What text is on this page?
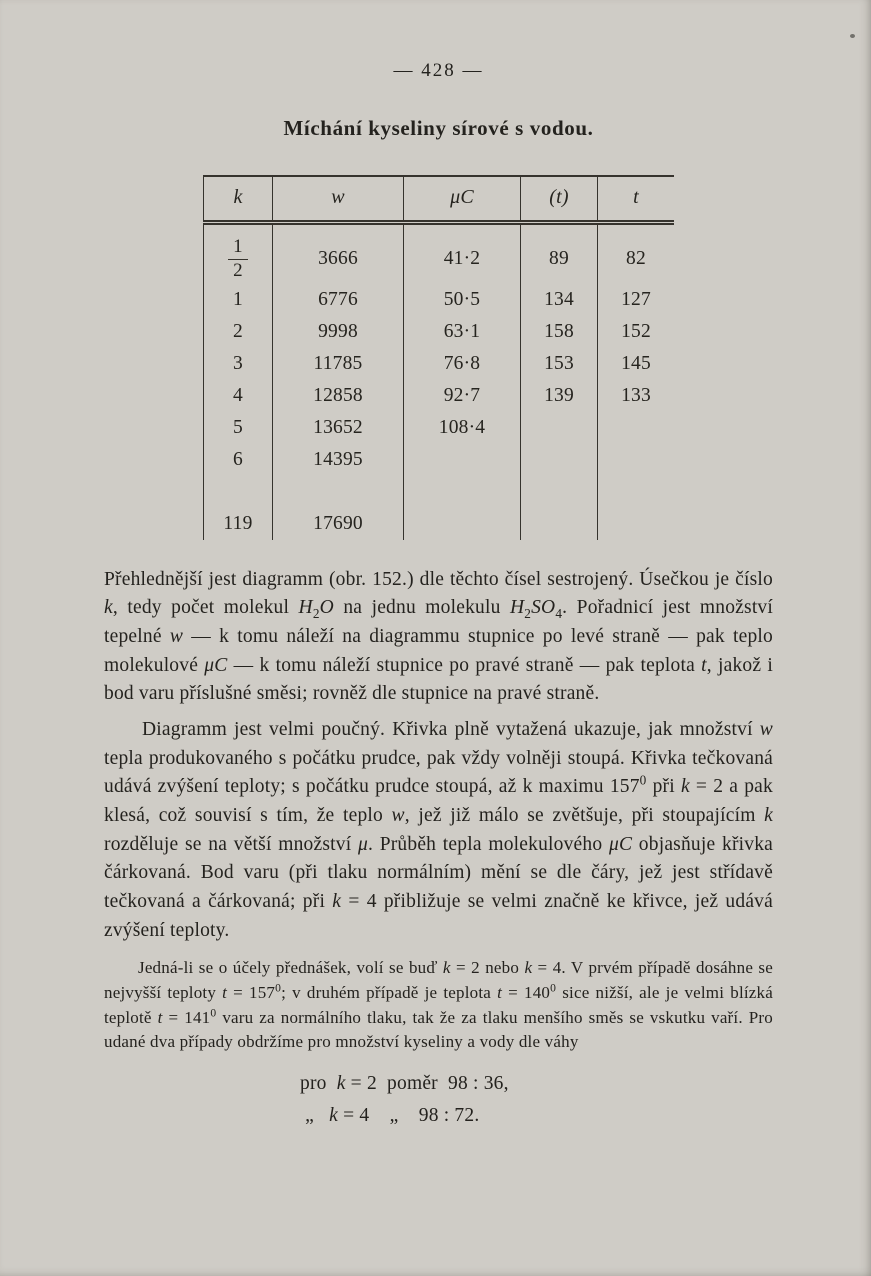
— 428 —
Míchání kyseliny sírové s vodou.
k	w	μC	(t)	t

$\frac{1}{2}$	3666	41·2	89	82
1	6776	50·5	134	127
2	9998	63·1	158	152
3	11785	76·8	153	145
4	12858	92·7	139	133
5	13652	108·4		
6	14395			

119	17690			

Přehlednější jest diagramm (obr. 152.) dle těchto čísel sestrojený. Úsečkou je číslo k, tedy počet molekul $H_2O$ na jednu molekulu $H_2SO_4$. Pořadnicí jest množství tepelné w — k tomu náleží na diagrammu stupnice po levé straně — pak teplo molekulové μC — k tomu náleží stupnice po pravé straně — pak teplota t, jakož i bod varu příslušné směsi; rovněž dle stupnice na pravé straně.

Diagramm jest velmi poučný. Křivka plně vytažená ukazuje, jak množství w tepla produkovaného s počátku prudce, pak vždy volněji stoupá. Křivka tečkovaná udává zvýšení teploty; s počátku prudce stoupá, až k maximu $157^0$ při k = 2 a pak klesá, což souvisí s tím, že teplo w, jež již málo se zvětšuje, při stoupajícím k rozděluje se na větší množství μ. Průběh tepla molekulového μC objasňuje křivka čárkovaná. Bod varu (při tlaku normálním) mění se dle čáry, jež jest střídavě tečkovaná a čárkovaná; při k = 4 přibližuje se velmi značně ke křivce, jež udává zvýšení teploty.

Jedná-li se o účely přednášek, volí se buď k = 2 nebo k = 4. V prvém případě dosáhne se nejvyšší teploty $t = 157^0$; v druhém případě je teplota $t = 140^0$ sice nižší, ale je velmi blízká teplotě $t = 141^0$ varu za normálního tlaku, tak že za tlaku menšího směs se vskutku vaří. Pro udané dva případy obdržíme pro množství kyseliny a vody dle váhy

pro  k = 2  poměr  98 : 36,
„   k = 4    „    98 : 72.
